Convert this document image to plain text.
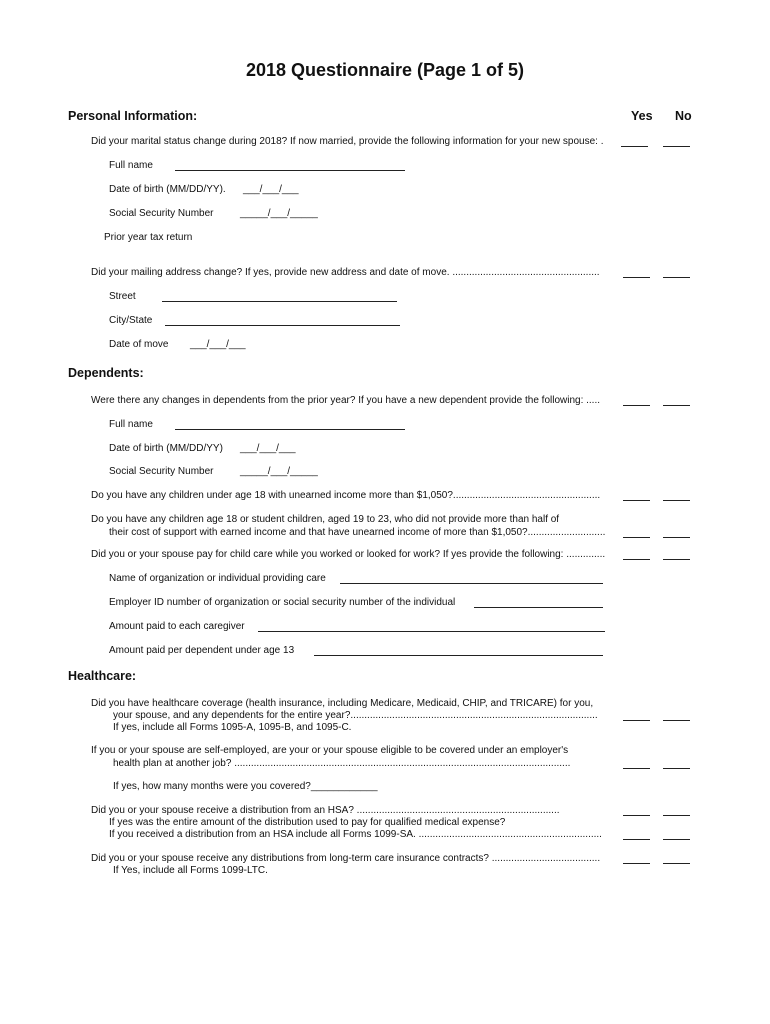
2018 Questionnaire (Page 1 of 5)
Personal Information:	Yes No
Did your marital status change during 2018? If now married, provide the following information for your new spouse: .
Full name
Date of birth (MM/DD/YY). ___/___/___
Social Security Number	_____/___/_____
Prior year tax return
Did your mailing address change? If yes, provide new address and date of move. .....................................................
Street
City/State
Date of move ___/___/___
Dependents:
Were there any changes in dependents from the prior year? If you have a new dependent provide the following: .....
Full name
Date of birth (MM/DD/YY) ___/___/___
Social Security Number	_____/___/_____
Do you have any children under age 18 with unearned income more than $1,050?.....................................................
Do you have any children age 18 or student children, aged 19 to 23, who did not provide more than half of
their cost of support with earned income and that have unearned income of more than $1,050?............................
Did you or your spouse pay for child care while you worked or looked for work? If yes provide the following: ..............
Name of organization or individual providing care
Employer ID number of organization or social security number of the individual
Amount paid to each caregiver
Amount paid per dependent under age 13
Healthcare:
Did you have healthcare coverage (health insurance, including Medicare, Medicaid, CHIP, and TRICARE) for you,
your spouse, and any dependents for the entire year?.........................................................................................
If yes, include all Forms 1095-A, 1095-B, and 1095-C.
If you or your spouse are self-employed, are your or your spouse eligible to be covered under an employer's
health plan at another job? .........................................................................................................................
If yes, how many months were you covered?____________
Did you or your spouse receive a distribution from an HSA? .........................................................................
If yes was the entire amount of the distribution used to pay for qualified medical expense?
If you received a distribution from an HSA include all Forms 1099-SA. ..................................................................
Did you or your spouse receive any distributions from long-term care insurance contracts? .......................................
If Yes, include all Forms 1099-LTC.
